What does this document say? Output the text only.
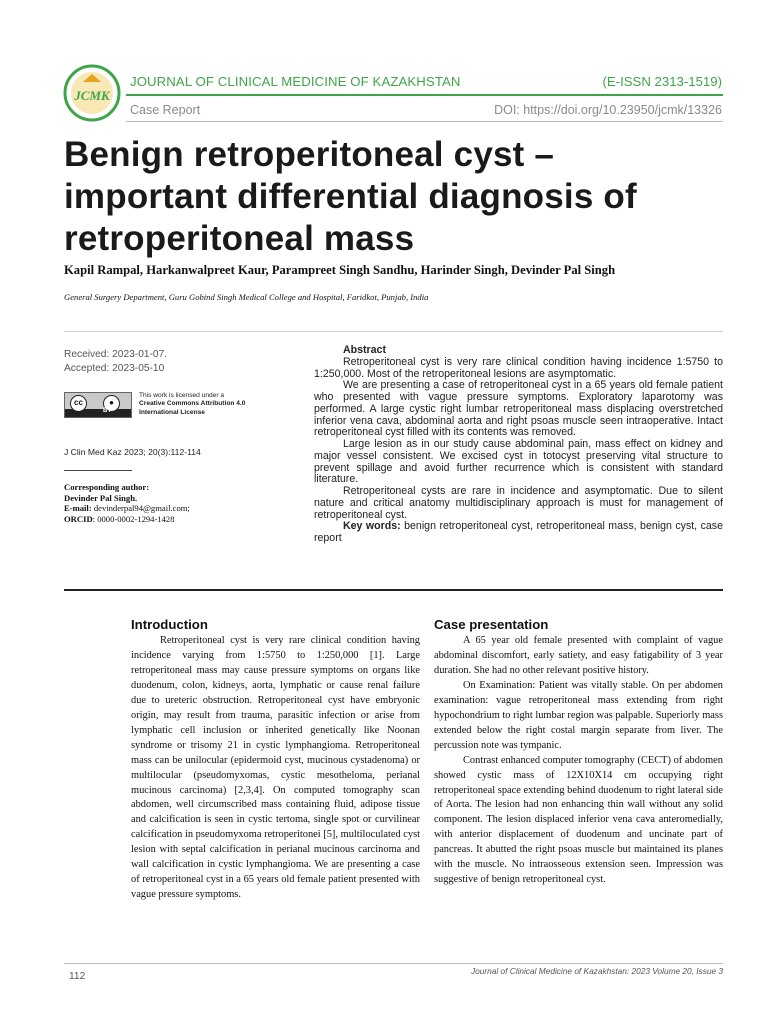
JCMK
JOURNAL OF CLINICAL MEDICINE OF KAZAKHSTAN	(E-ISSN 2313-1519)
Case Report	DOI: https://doi.org/10.23950/jcmk/13326
Benign retroperitoneal cyst – important differential diagnosis of retroperitoneal mass
Kapil Rampal, Harkanwalpreet Kaur, Parampreet Singh Sandhu, Harinder Singh, Devinder Pal Singh
General Surgery Department, Guru Gobind Singh Medical College and Hospital, Faridkot, Punjab, India
Received: 2023-01-07.
Accepted: 2023-05-10
cc	●
BY
This work is licensed under a
Creative Commons Attribution 4.0
International License
J Clin Med Kaz 2023; 20(3):112-114
Corresponding author:
Devinder Pal Singh.
E-mail: devinderpal94@gmail.com;
ORCID: 0000-0002-1294-1428

Abstract

Retroperitoneal cyst is very rare clinical condition having incidence 1:5750 to 1:250,000. Most of the retroperitoneal lesions are asymptomatic.

We are presenting a case of retroperitoneal cyst in a 65 years old female patient who presented with vague pressure symptoms. Exploratory laparotomy was performed. A large cystic right lumbar retroperitoneal mass displacing overstretched inferior vena cava, abdominal aorta and right psoas muscle seen intraoperative. Intact retroperitoneal cyst filled with its contents was removed.

Large lesion as in our study cause abdominal pain, mass effect on kidney and major vessel consistent. We excised cyst in totocyst preserving vital structure to prevent spillage and avoid further recurrence which is consistent with standard literature.

Retroperitoneal cysts are rare in incidence and asymptomatic. Due to silent nature and critical anatomy multidisciplinary approach is must for management of retroperitoneal cyst.

Key words: benign retroperitoneal cyst, retroperitoneal mass, benign cyst, case report

Introduction

Retroperitoneal cyst is very rare clinical condition having incidence varying from 1:5750 to 1:250,000 [1]. Large retroperitoneal mass may cause pressure symptoms on organs like duodenum, colon, kidneys, aorta, lymphatic or cause renal failure due to ureteric obstruction. Retroperitoneal cyst have embryonic origin, may result from trauma, parasitic infection or arise from lymphatic cell inclusion or inherited genetically like Noonan syndrome or trisomy 21 in cystic lymphangioma. Retroperitoneal mass can be unilocular (epidermoid cyst, mucinous cystadenoma) or multilocular (pseudomyxomas, cystic mesotheloma, perianal mucinous carcinoma) [2,3,4]. On computed tomography scan abdomen, well circumscribed mass containing fluid, adipose tissue and calcification is seen in cystic tertoma, single spot or curvilinear calcification in pseudomyxoma retroperitonei [5], multiloculated cyst lesion with septal calcification in perianal mucinous carcinoma and wall calcification in cystic lymphangioma. We are presenting a case of retroperitoneal cyst in a 65 years old female patient presented with vague pressure symptoms.

Case presentation

A 65 year old female presented with complaint of vague abdominal discomfort, early satiety, and easy fatigability of 3 year duration. She had no other relevant positive history.

On Examination: Patient was vitally stable. On per abdomen examination: vague retroperitoneal mass extending from right hypochondrium to right lumbar region was palpable. Superiorly mass extended below the right costal margin separate from liver. The percussion note was tympanic.

Contrast enhanced computer tomography (CECT) of abdomen showed cystic mass of 12X10X14 cm occupying right retroperitoneal space extending behind duodenum to right lateral side of Aorta. The lesion had non enhancing thin wall without any solid component. The lesion displaced inferior vena cava anteromedially, with anterior displacement of duodenum and uncinate part of pancreas. It abutted the right psoas muscle but maintained its planes with the muscle. No intraosseous extension seen. Impression was suggestive of benign retroperitoneal cyst.

112	Journal of Clinical Medicine of Kazakhstan: 2023 Volume 20, Issue 3
